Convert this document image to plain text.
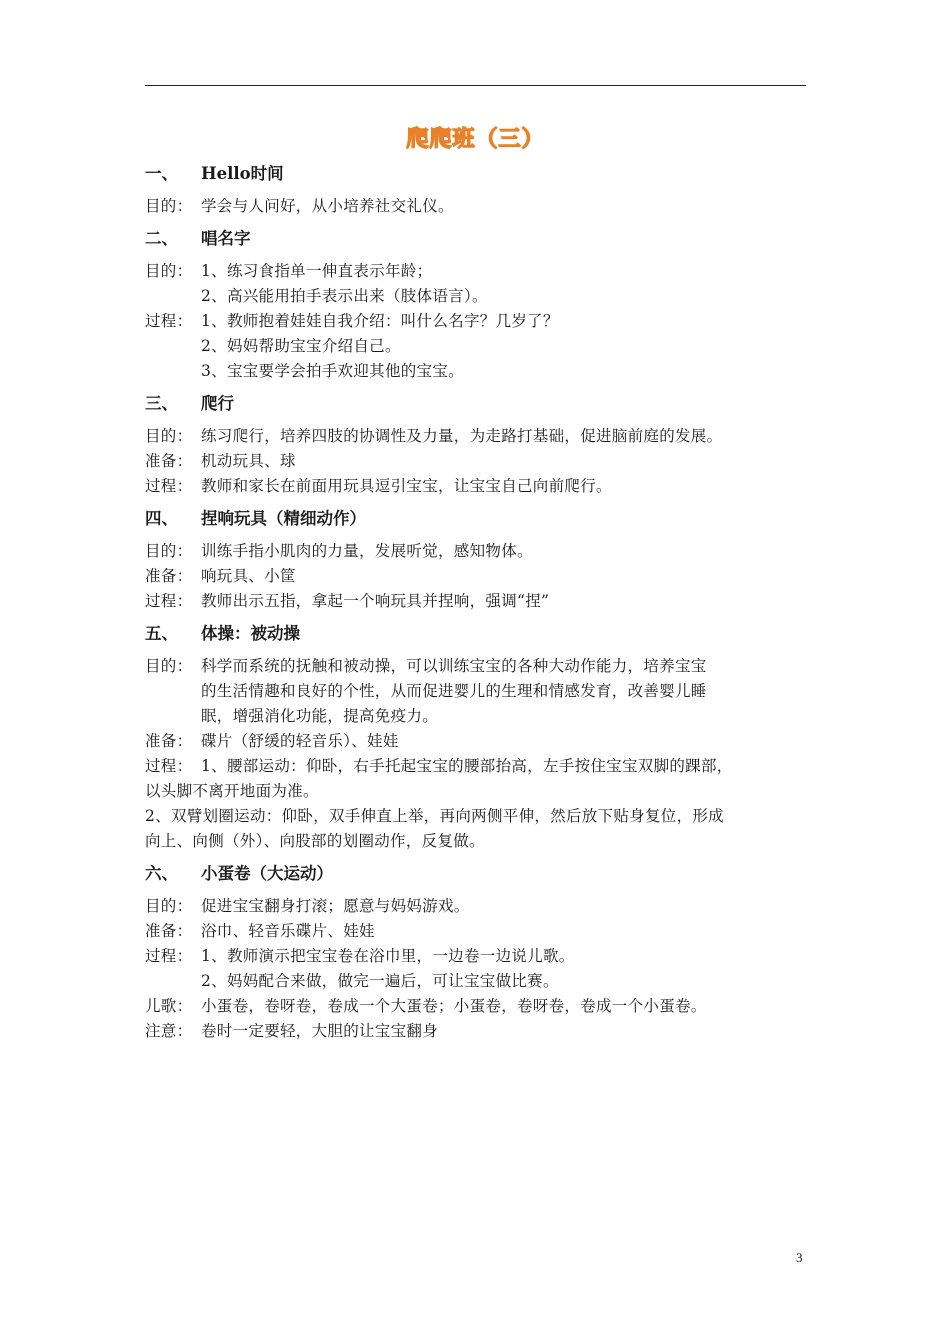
爬爬班（三）
一、 Hello时间
目的： 学会与人问好，从小培养社交礼仪。
二、 唱名字
目的： 1、练习食指单一伸直表示年龄；
2、高兴能用拍手表示出来（肢体语言）。
过程： 1、教师抱着娃娃自我介绍：叫什么名字？几岁了？
2、妈妈帮助宝宝介绍自己。
3、宝宝要学会拍手欢迎其他的宝宝。
三、 爬行
目的： 练习爬行，培养四肢的协调性及力量，为走路打基础，促进脑前庭的发展。
准备： 机动玩具、球
过程： 教师和家长在前面用玩具逗引宝宝，让宝宝自己向前爬行。
四、 捏响玩具（精细动作）
目的： 训练手指小肌肉的力量，发展听觉，感知物体。
准备： 响玩具、小筐
过程： 教师出示五指，拿起一个响玩具并捏响，强调“捏”
五、 体操：被动操
目的： 科学而系统的抚触和被动操，可以训练宝宝的各种大动作能力，培养宝宝
的生活情趣和良好的个性，从而促进婴儿的生理和情感发育，改善婴儿睡
眠，增强消化功能，提高免疫力。
准备： 碟片（舒缓的轻音乐）、娃娃
过程： 1、腰部运动：仰卧，右手托起宝宝的腰部抬高，左手按住宝宝双脚的踝部，
以头脚不离开地面为准。
2、双臂划圈运动：仰卧，双手伸直上举，再向两侧平伸，然后放下贴身复位，形成
向上、向侧（外）、向股部的划圈动作，反复做。
六、 小蛋卷（大运动）
目的： 促进宝宝翻身打滚；愿意与妈妈游戏。
准备： 浴巾、轻音乐碟片、娃娃
过程： 1、教师演示把宝宝卷在浴巾里，一边卷一边说儿歌。
2、妈妈配合来做，做完一遍后，可让宝宝做比赛。
儿歌： 小蛋卷，卷呀卷，卷成一个大蛋卷；小蛋卷，卷呀卷，卷成一个小蛋卷。
注意： 卷时一定要轻，大胆的让宝宝翻身
3
